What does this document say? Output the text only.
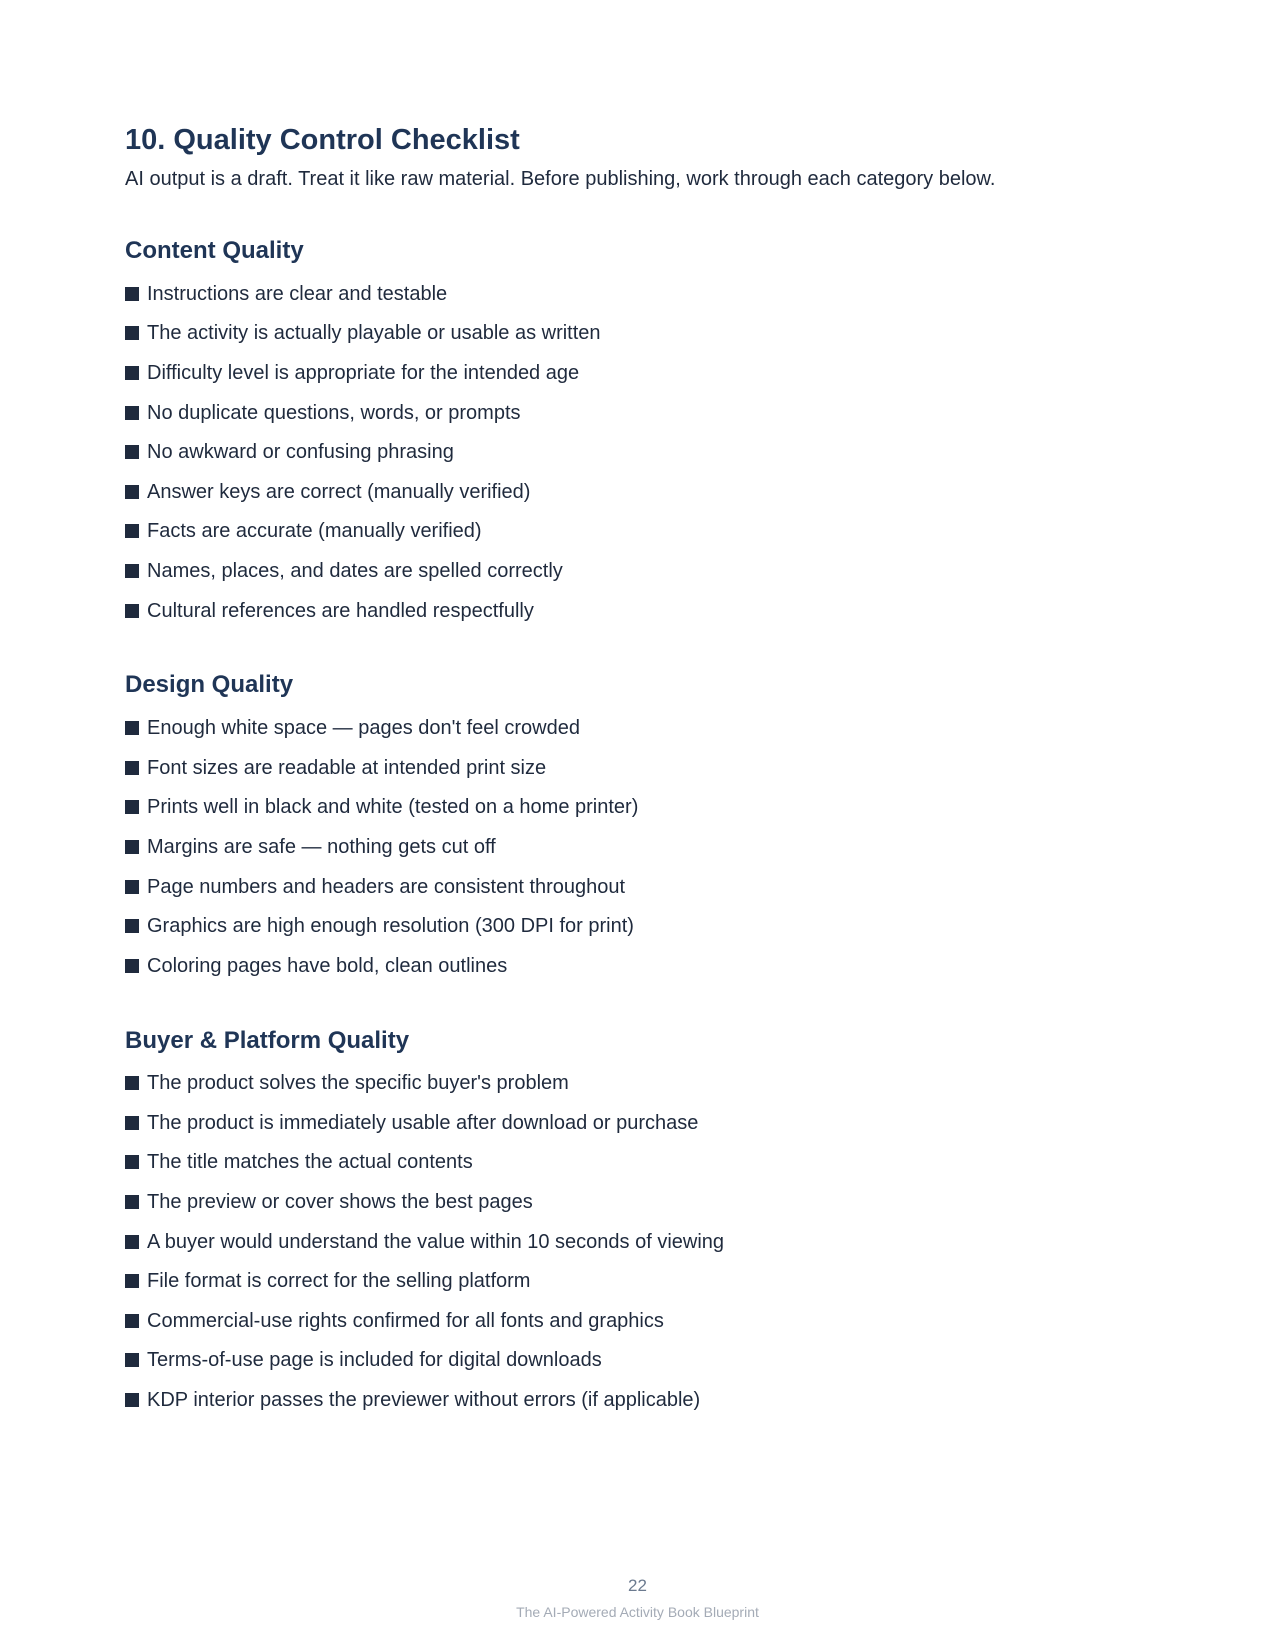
10. Quality Control Checklist

AI output is a draft. Treat it like raw material. Before publishing, work through each category below.

Content Quality
Instructions are clear and testable
The activity is actually playable or usable as written
Difficulty level is appropriate for the intended age
No duplicate questions, words, or prompts
No awkward or confusing phrasing
Answer keys are correct (manually verified)
Facts are accurate (manually verified)
Names, places, and dates are spelled correctly
Cultural references are handled respectfully
Design Quality
Enough white space — pages don't feel crowded
Font sizes are readable at intended print size
Prints well in black and white (tested on a home printer)
Margins are safe — nothing gets cut off
Page numbers and headers are consistent throughout
Graphics are high enough resolution (300 DPI for print)
Coloring pages have bold, clean outlines
Buyer & Platform Quality
The product solves the specific buyer's problem
The product is immediately usable after download or purchase
The title matches the actual contents
The preview or cover shows the best pages
A buyer would understand the value within 10 seconds of viewing
File format is correct for the selling platform
Commercial-use rights confirmed for all fonts and graphics
Terms-of-use page is included for digital downloads
KDP interior passes the previewer without errors (if applicable)
22
The AI-Powered Activity Book Blueprint
